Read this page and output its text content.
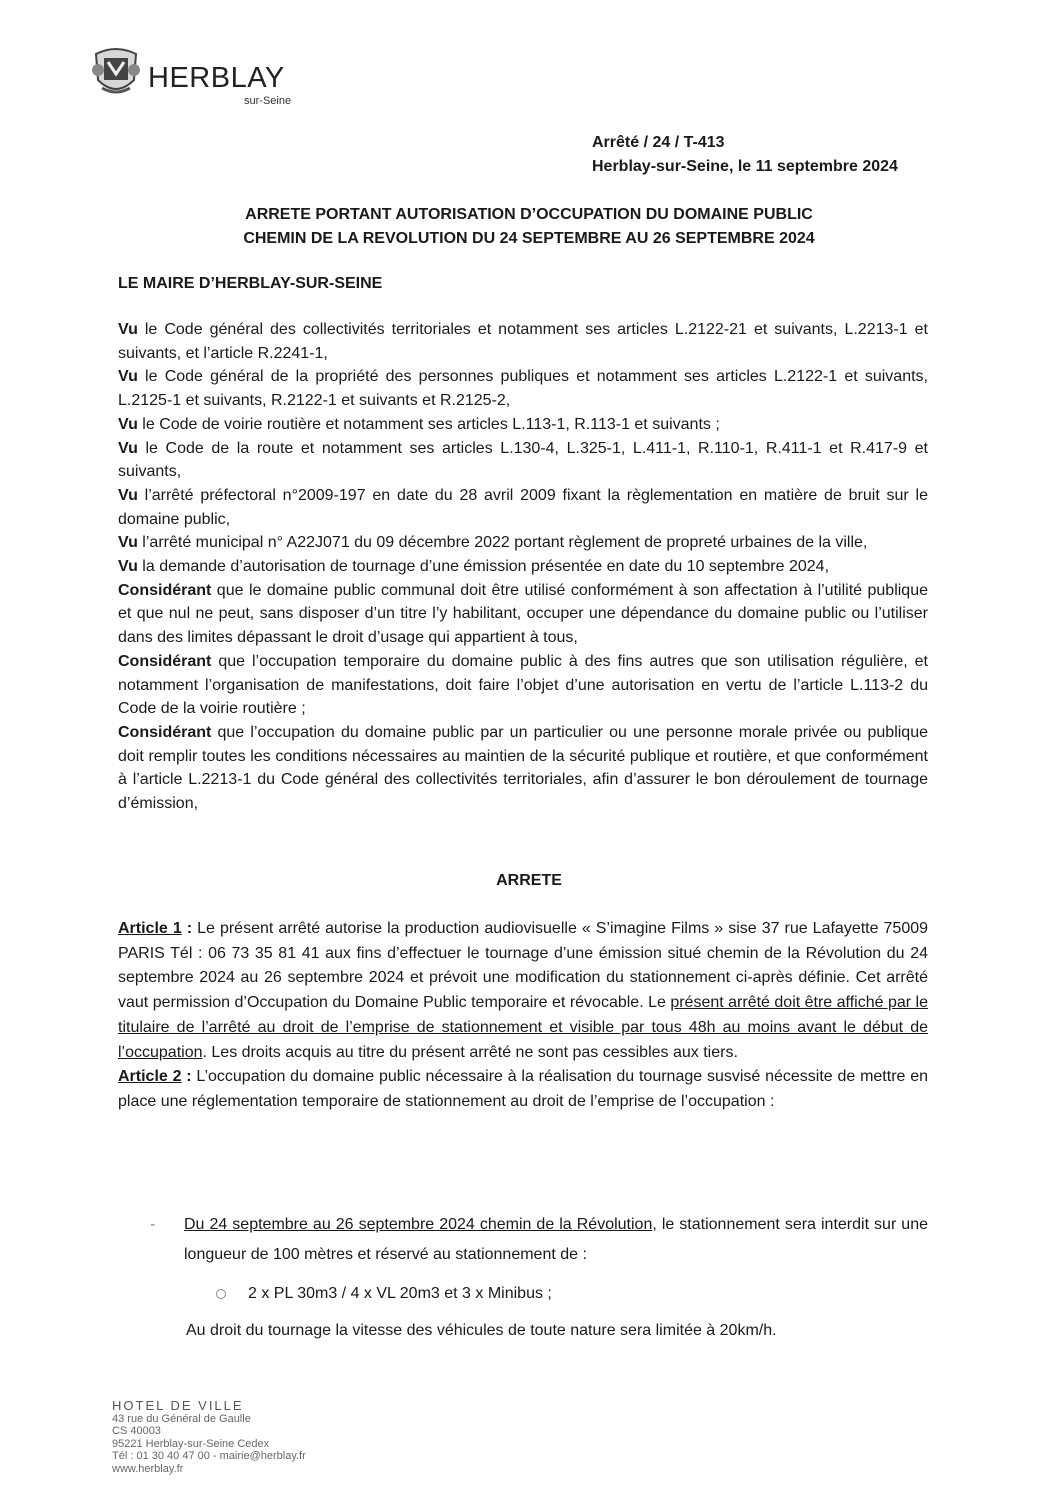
HERBLAY
sur-Seine
Arrêté / 24 / T-413
Herblay-sur-Seine, le 11 septembre 2024
ARRETE PORTANT AUTORISATION D’OCCUPATION DU DOMAINE PUBLIC
CHEMIN DE LA REVOLUTION DU 24 SEPTEMBRE AU 26 SEPTEMBRE 2024
LE MAIRE D’HERBLAY-SUR-SEINE

Vu le Code général des collectivités territoriales et notamment ses articles L.2122-21 et suivants, L.2213-1 et suivants, et l’article R.2241-1,

Vu le Code général de la propriété des personnes publiques et notamment ses articles L.2122-1 et suivants, L.2125-1 et suivants, R.2122-1 et suivants et R.2125-2,

Vu le Code de voirie routière et notamment ses articles L.113-1, R.113-1 et suivants ;

Vu le Code de la route et notamment ses articles L.130-4, L.325-1, L.411-1, R.110-1, R.411-1 et R.417-9 et suivants,

Vu l’arrêté préfectoral n°2009-197 en date du 28 avril 2009 fixant la règlementation en matière de bruit sur le domaine public,

Vu l’arrêté municipal n° A22J071 du 09 décembre 2022 portant règlement de propreté urbaines de la ville,

Vu la demande d’autorisation de tournage d’une émission présentée en date du 10 septembre 2024,

Considérant que le domaine public communal doit être utilisé conformément à son affectation à l’utilité publique et que nul ne peut, sans disposer d’un titre l’y habilitant, occuper une dépendance du domaine public ou l’utiliser dans des limites dépassant le droit d’usage qui appartient à tous,

Considérant que l’occupation temporaire du domaine public à des fins autres que son utilisation régulière, et notamment l’organisation de manifestations, doit faire l’objet d’une autorisation en vertu de l’article L.113-2 du Code de la voirie routière ;

Considérant que l’occupation du domaine public par un particulier ou une personne morale privée ou publique doit remplir toutes les conditions nécessaires au maintien de la sécurité publique et routière, et que conformément à l’article L.2213-1 du Code général des collectivités territoriales, afin d’assurer le bon déroulement de tournage d’émission,

ARRETE

Article 1 : Le présent arrêté autorise la production audiovisuelle « S’imagine Films » sise 37 rue Lafayette 75009 PARIS Tél : 06 73 35 81 41 aux fins d’effectuer le tournage d’une émission situé chemin de la Révolution du 24 septembre 2024 au 26 septembre 2024 et prévoit une modification du stationnement ci-après définie. Cet arrêté vaut permission d’Occupation du Domaine Public temporaire et révocable. Le présent arrêté doit être affiché par le titulaire de l’arrêté au droit de l’emprise de stationnement et visible par tous 48h au moins avant le début de l’occupation. Les droits acquis au titre du présent arrêté ne sont pas cessibles aux tiers.

Article 2 : L’occupation du domaine public nécessaire à la réalisation du tournage susvisé nécessite de mettre en place une réglementation temporaire de stationnement au droit de l’emprise de l’occupation :

- Du 24 septembre au 26 septembre 2024 chemin de la Révolution, le stationnement sera interdit sur une longueur de 100 mètres et réservé au stationnement de :
2 x PL 30m3 / 4 x VL 20m3 et 3 x Minibus ;
Au droit du tournage la vitesse des véhicules de toute nature sera limitée à 20km/h.
HOTEL DE VILLE
43 rue du Général de Gaulle
CS 40003
95221 Herblay-sur-Seine Cedex
Tél : 01 30 40 47 00 - mairie@herblay.fr
www.herblay.fr
